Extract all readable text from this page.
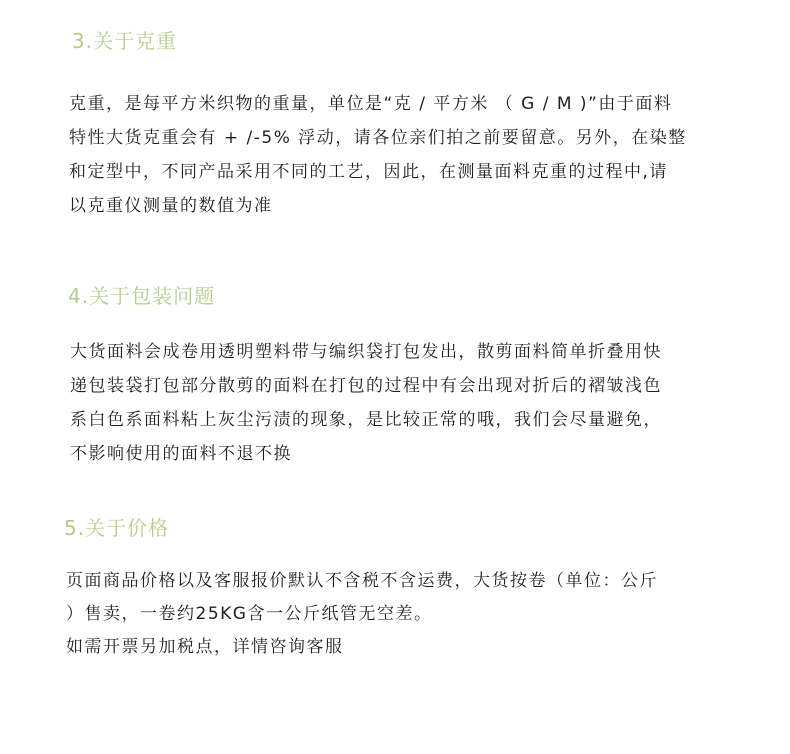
3.关于克重
克重，是每平方米织物的重量，单位是“克 / 平方米 （ G / M )”由于面料
特性大货克重会有 + /-5% 浮动，请各位亲们拍之前要留意。另外，在染整
和定型中，不同产品采用不同的工艺，因此，在测量面料克重的过程中,请
以克重仪测量的数值为准
4.关于包装问题
大货面料会成卷用透明塑料带与编织袋打包发出，散剪面料简单折叠用快
递包装袋打包部分散剪的面料在打包的过程中有会出现对折后的褶皱浅色
系白色系面料粘上灰尘污渍的现象，是比较正常的哦，我们会尽量避免，
不影响使用的面料不退不换
5.关于价格
页面商品价格以及客服报价默认不含税不含运费，大货按卷（单位：公斤
）售卖，一卷约25KG含一公斤纸管无空差。
如需开票另加税点，详情咨询客服
